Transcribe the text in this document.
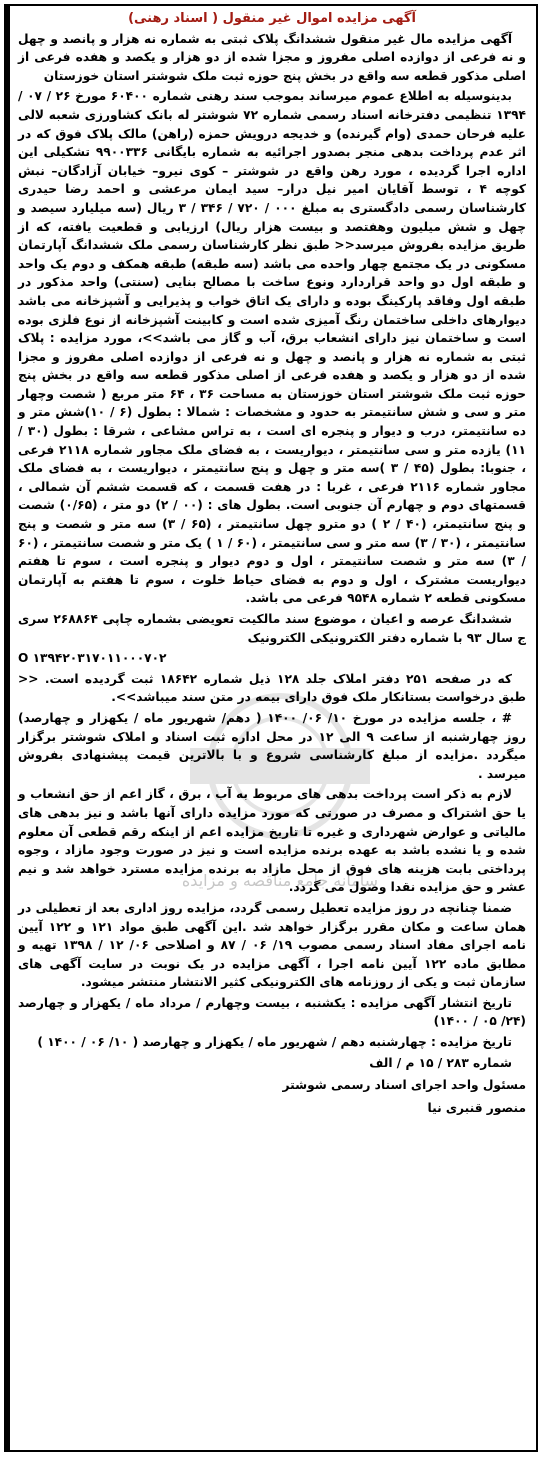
سامانه جامع مناقصه و مزایده
آگهی مزایده اموال غیر منقول ( اسناد رهنی)

آگهی مزایده مال غیر منقول ششدانگ پلاک ثبتی به شماره نه هزار و پانصد و چهل و نه فرعی از دوازده اصلی مفروز و مجزا شده از دو هزار و یکصد و هفده فرعی از اصلی مذکور قطعه سه واقع در بخش پنج حوزه ثبت ملک شوشتر استان خوزستان

بدینوسیله به اطلاع عموم میرساند بموجب سند رهنی شماره ۶۰۴۰۰ مورخ ۲۶ / ۰۷ / ۱۳۹۴ تنظیمی دفترخانه اسناد رسمی شماره ۷۲ شوشتر له بانک کشاورزی شعبه لالی علیه فرحان حمدی (وام گیرنده) و خدیجه درویش حمزه (راهن) مالک پلاک فوق که در اثر عدم پرداخت بدهی منجر بصدور اجرائیه به شماره بایگانی ۹۹۰۰۳۳۶ تشکیلی این اداره اجرا گردیده ، مورد رهن واقع در شوشتر – کوی نیرو– خیابان آزادگان– نبش کوچه ۴ ، توسط آقایان امیر نیل درار– سید ایمان مرعشی و احمد رضا حیدری کارشناسان رسمی دادگستری به مبلغ ۰۰۰ / ۷۲۰ / ۳۴۶ / ۳ ریال (سه میلیارد سیصد و چهل و شش میلیون وهفتصد و بیست هزار ریال) ارزیابی و قطعیت یافته، که از طریق مزایده بفروش میرسد<< طبق نظر کارشناسان رسمی ملک ششدانگ آپارتمان مسکونی در یک مجتمع چهار واحده می باشد (سه طبقه) طبقه همکف و دوم یک واحد و طبقه اول دو واحد قراردارد ونوع ساخت با مصالح بنایی (سنتی) واحد مذکور در طبقه اول وفاقد پارکینگ بوده و دارای یک اتاق خواب و پذیرایی و آشپزخانه می باشد دیوارهای داخلی ساختمان رنگ آمیزی شده است و کابینت آشپزخانه از نوع فلزی بوده است و ساختمان نیز دارای انشعاب برق، آب و گاز می باشد>>، مورد مزایده : پلاک ثبتی به شماره نه هزار و پانصد و چهل و نه فرعی از دوازده اصلی مفروز و مجزا شده از دو هزار و یکصد و هفده فرعی از اصلی مذکور قطعه سه واقع در بخش پنج حوزه ثبت ملک شوشتر استان خوزستان به مساحت ۳۶ ، ۶۴ متر مربع ( شصت وچهار متر و سی و شش سانتیمتر به حدود و مشخصات : شمالا : بطول (۶ / ۱۰)شش متر و ده سانتیمتر، درب و دیوار و پنجره ای است ، به تراس مشاعی ، شرقا : بطول (۳۰ / ۱۱) یازده متر و سی سانتیمتر ، دیواریست ، به فضای ملک مجاور شماره ۲۱۱۸ فرعی ، جنوبا: بطول (۴۵ / ۳ )سه متر و چهل و پنج سانتیمتر ، دیواریست ، به فضای ملک مجاور شماره ۲۱۱۶ فرعی ، غربا : در هفت قسمت ، که قسمت ششم آن شمالی ، قسمتهای دوم و چهارم آن جنوبی است. بطول های : (۰۰ / ۲) دو متر ، (۰/۶۵) شصت و پنج سانتیمتر، (۴۰ / ۲ ) دو مترو چهل سانتیمتر ، (۶۵ / ۳) سه متر و شصت و پنج سانتیمتر ، (۳۰ / ۳) سه متر و سی سانتیمتر ، (۶۰ / ۱ ) یک متر و شصت سانتیمتر ، (۶۰ / ۳) سه متر و شصت سانتیمتر ، اول و دوم دیوار و پنجره است ، سوم تا هفتم دیواریست مشترک ، اول و دوم به فضای حیاط خلوت ، سوم تا هفتم به آپارتمان مسکونی قطعه ۲ شماره ۹۵۴۸ فرعی می باشد.

ششدانگ عرصه و اعیان ، موضوع سند مالکیت تعویضی بشماره چاپی ۲۶۸۸۶۴ سری ج سال ۹۳ با شماره دفتر الکترونیکی الکترونیک

O ۱۳۹۴۲۰۳۱۷۰۱۱۰۰۰۷۰۲

که در صفحه ۲۵۱ دفتر املاک جلد ۱۲۸ ذیل شماره ۱۸۶۴۲ ثبت گردیده است. << طبق درخواست بستانکار ملک فوق دارای بیمه در متن سند میباشد>>.

# ، جلسه مزایده در مورخ ۱۰/ ۰۶/ ۱۴۰۰ ( دهم/ شهریور ماه / یکهزار و چهارصد) روز چهارشنبه از ساعت ۹ الی ۱۲ در محل اداره ثبت اسناد و املاک شوشتر برگزار میگردد .مزایده از مبلغ کارشناسی شروع و با بالاترین قیمت پیشنهادی بفروش میرسد .

لازم به ذکر است پرداخت بدهی های مربوط به آب ، برق ، گاز اعم از حق انشعاب و یا حق اشتراک و مصرف در صورتی که مورد مزایده دارای آنها باشد و نیز بدهی های مالیاتی و عوارض شهرداری و غیره تا تاریخ مزایده اعم از اینکه رقم قطعی آن معلوم شده و یا نشده باشد به عهده برنده مزایده است و نیز در صورت وجود مازاد ، وجوه پرداختی بابت هزینه های فوق از محل مازاد به برنده مزایده مسترد خواهد شد و نیم عشر و حق مزایده نقدا وصول می گردد.

ضمنا چنانچه در روز مزایده تعطیل رسمی گردد، مزایده روز اداری بعد از تعطیلی در همان ساعت و مکان مقرر برگزار خواهد شد .این آگهی طبق مواد ۱۲۱ و ۱۲۲ آیین نامه اجرای مفاد اسناد رسمی مصوب ۱۹/ ۰۶ / ۸۷ و اصلاحی ۰۶/ ۱۲ / ۱۳۹۸ تهیه و مطابق ماده ۱۲۲ آیین نامه اجرا ، آگهی مزایده در یک نوبت در سایت آگهی های سازمان ثبت و یکی از روزنامه های الکترونیکی کثیر الانتشار منتشر میشود.

تاریخ انتشار آگهی مزایده : یکشنبه ، بیست وچهارم / مرداد ماه / یکهزار و چهارصد (۲۴/ ۰۵ / ۱۴۰۰)

تاریخ مزایده : چهارشنبه دهم / شهریور ماه / یکهزار و چهارصد ( ۱۰/ ۰۶ / ۱۴۰۰ )

شماره ۲۸۳ / ۱۵ م / الف

مسئول واحد اجرای اسناد رسمی شوشتر
منصور قنبری نیا
